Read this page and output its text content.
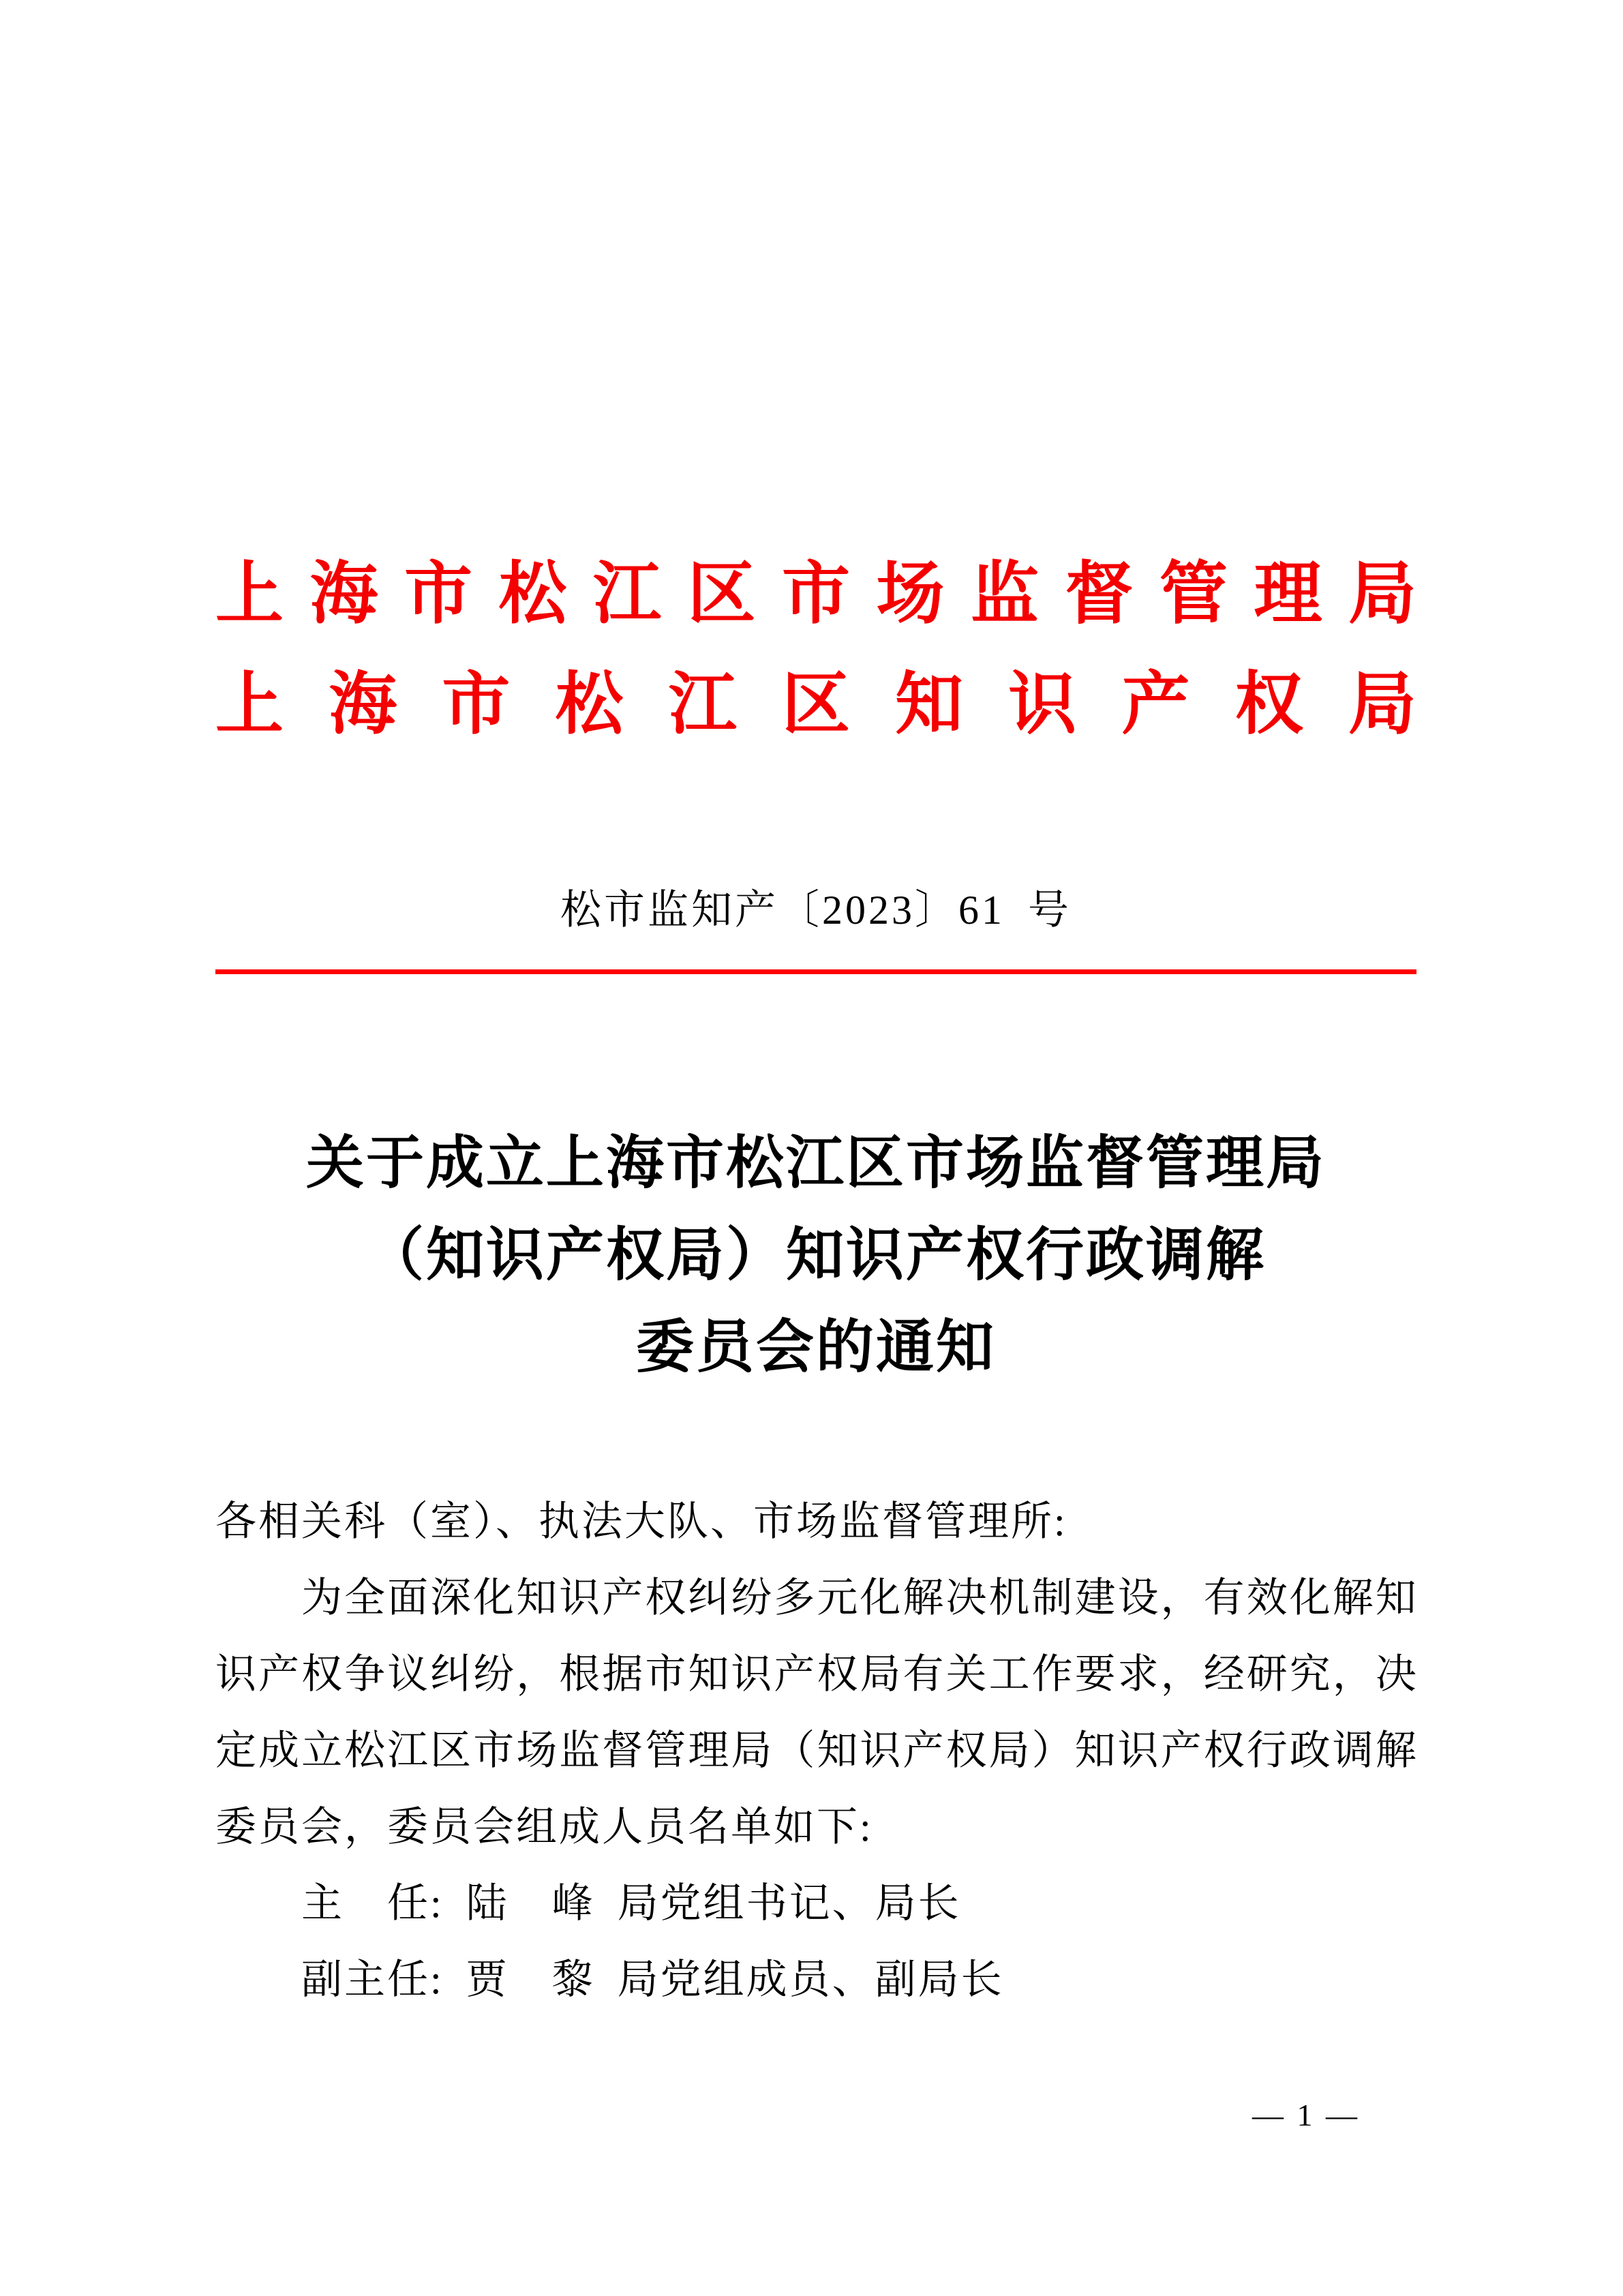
上 海 市 松 江 区 市 场 监 督 管 理 局
上 海 市 松 江 区 知 识 产 权 局
松市监知产〔2023〕61 号
关于成立上海市松江区市场监督管理局
（知识产权局）知识产权行政调解
委员会的通知
各相关科（室）、执法大队、市场监督管理所:
为 全 面 深 化 知 识 产 权 纠 纷 多 元 化 解 决 机 制 建 设 ， 有 效 化 解 知
识 产 权 争 议 纠 纷 ， 根 据 市 知 识 产 权 局 有 关 工 作 要 求 ， 经 研 究 ， 决
定 成 立 松 江 区 市 场 监 督 管 理 局 （ 知 识 产 权 局 ） 知 识 产 权 行 政 调 解
委员会，委员会组成人员名单如下:
主　任: 陆　峰 局党组书记、局长
副主任: 贾　黎 局党组成员、副局长
— 1 —
